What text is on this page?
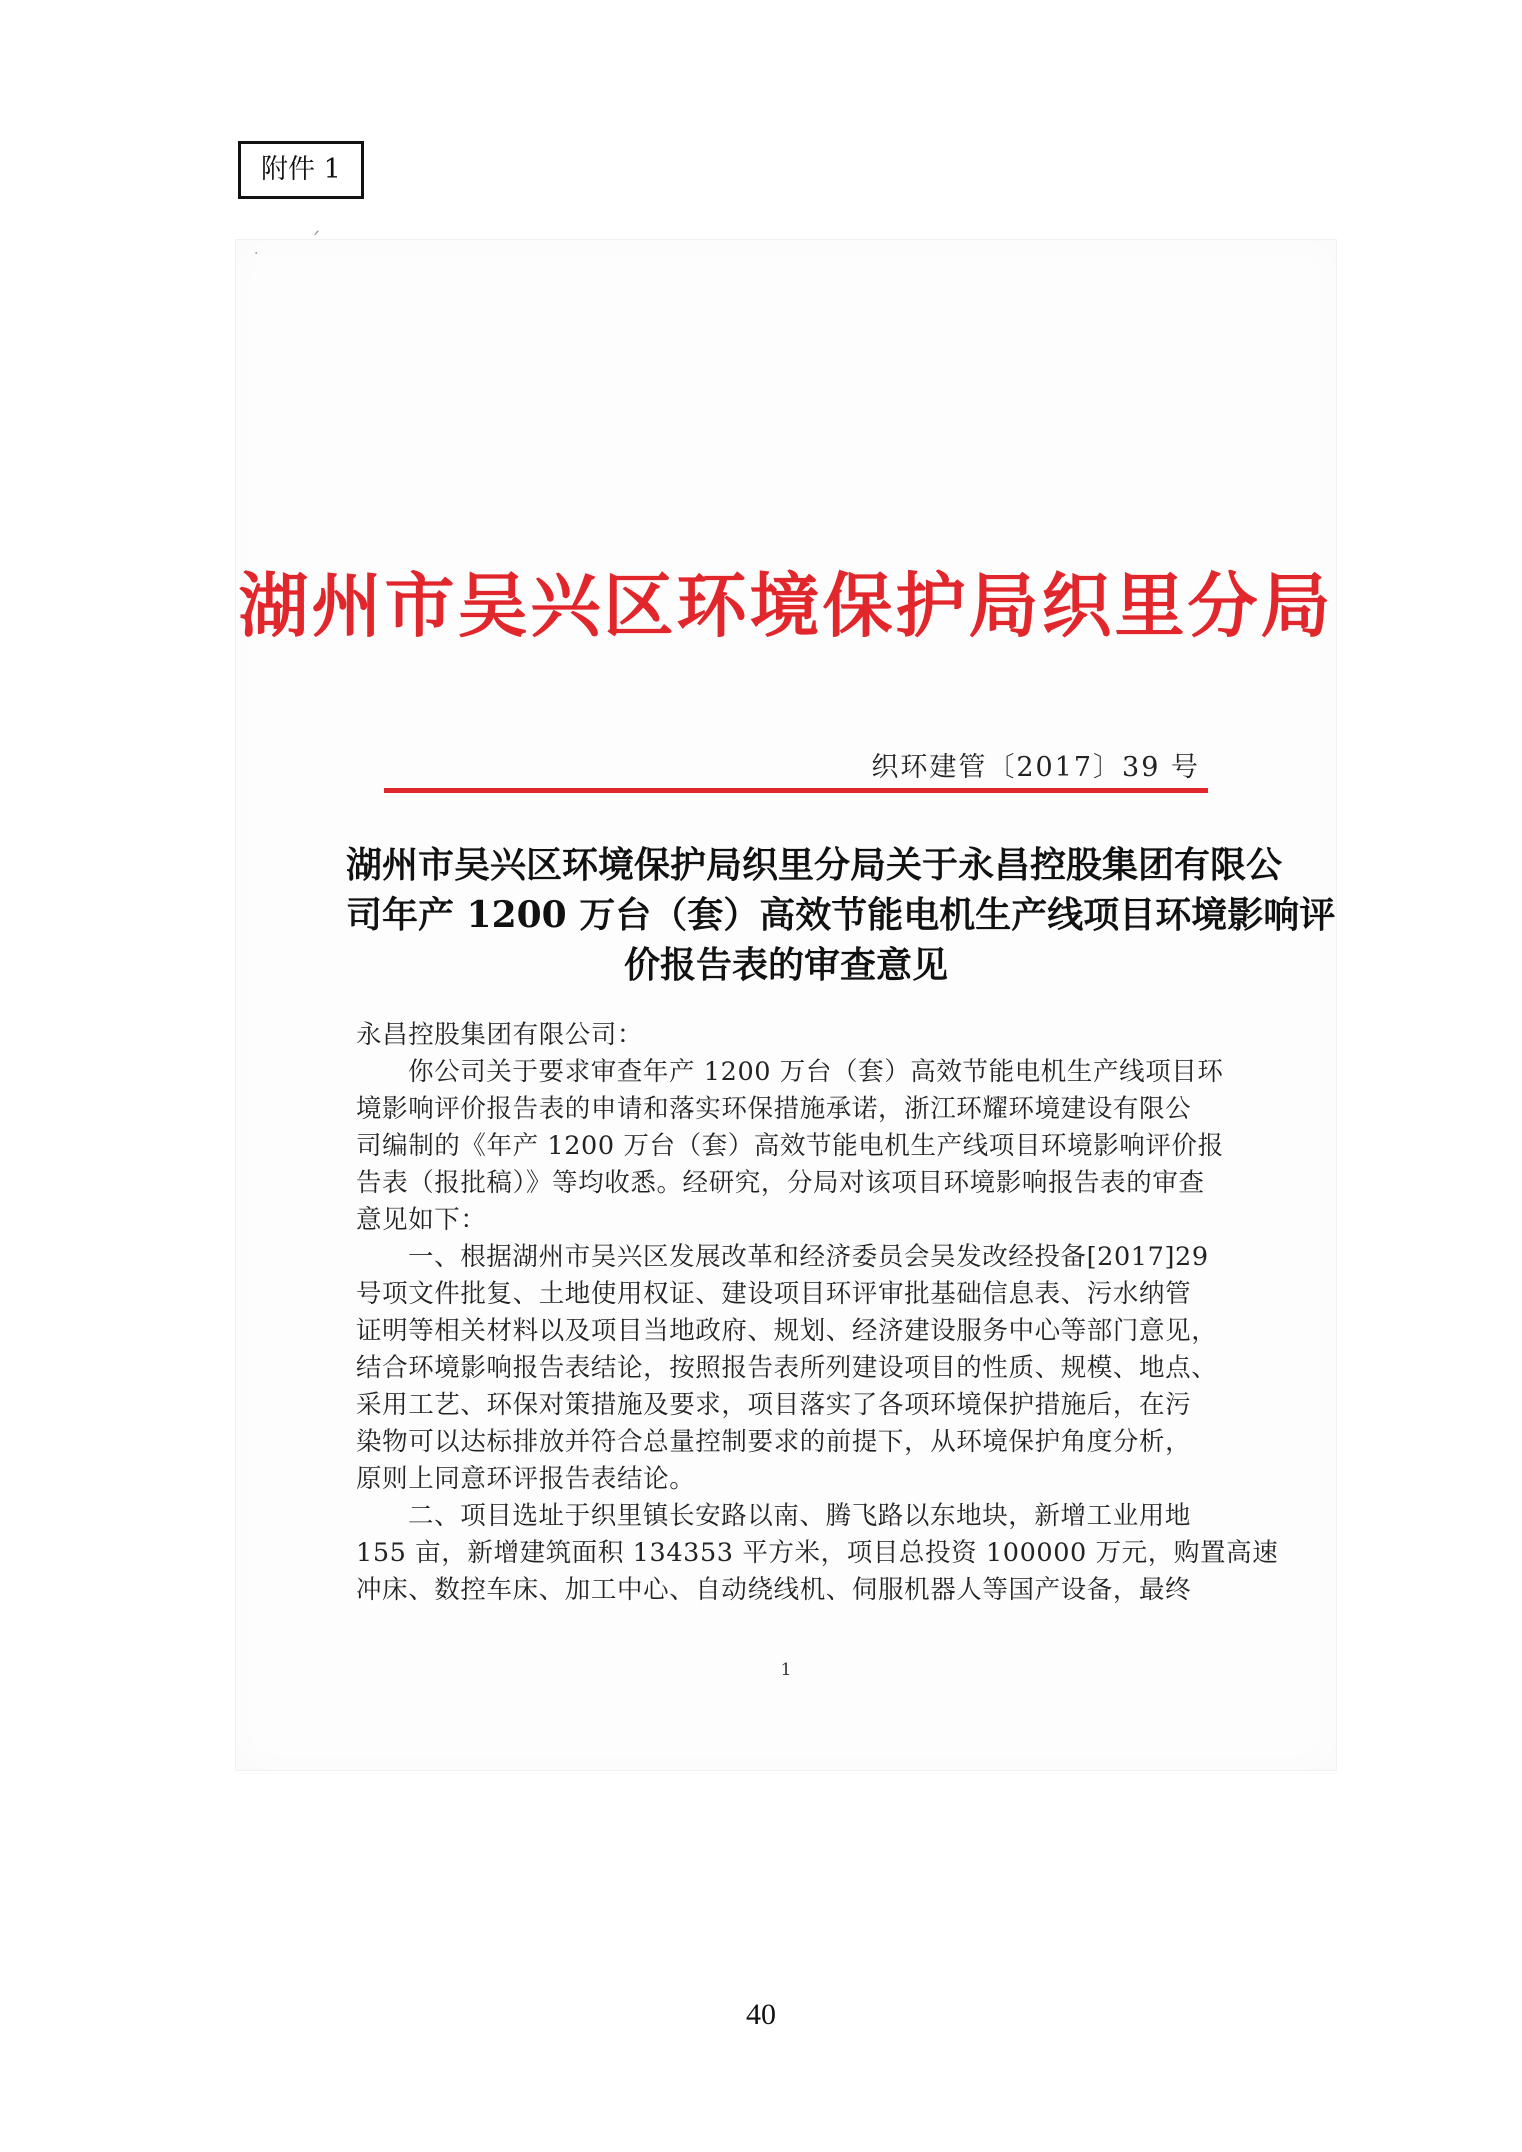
附件 1
ˊ
·
湖州市吴兴区环境保护局织里分局
织环建管〔2017〕39 号
湖州市吴兴区环境保护局织里分局关于永昌控股集团有限公
司年产 1200 万台（套）高效节能电机生产线项目环境影响评
价报告表的审查意见

永昌控股集团有限公司：

你公司关于要求审查年产 1200 万台（套）高效节能电机生产线项目环

境影响评价报告表的申请和落实环保措施承诺，浙江环耀环境建设有限公

司编制的《年产 1200 万台（套）高效节能电机生产线项目环境影响评价报

告表（报批稿）》等均收悉。经研究，分局对该项目环境影响报告表的审查

意见如下：

一、根据湖州市吴兴区发展改革和经济委员会吴发改经投备[2017]29

号项文件批复、土地使用权证、建设项目环评审批基础信息表、污水纳管

证明等相关材料以及项目当地政府、规划、经济建设服务中心等部门意见，

结合环境影响报告表结论，按照报告表所列建设项目的性质、规模、地点、

采用工艺、环保对策措施及要求，项目落实了各项环境保护措施后，在污

染物可以达标排放并符合总量控制要求的前提下，从环境保护角度分析，

原则上同意环评报告表结论。

二、项目选址于织里镇长安路以南、腾飞路以东地块，新增工业用地

155 亩，新增建筑面积 134353 平方米，项目总投资 100000 万元，购置高速

冲床、数控车床、加工中心、自动绕线机、伺服机器人等国产设备，最终

1
40
